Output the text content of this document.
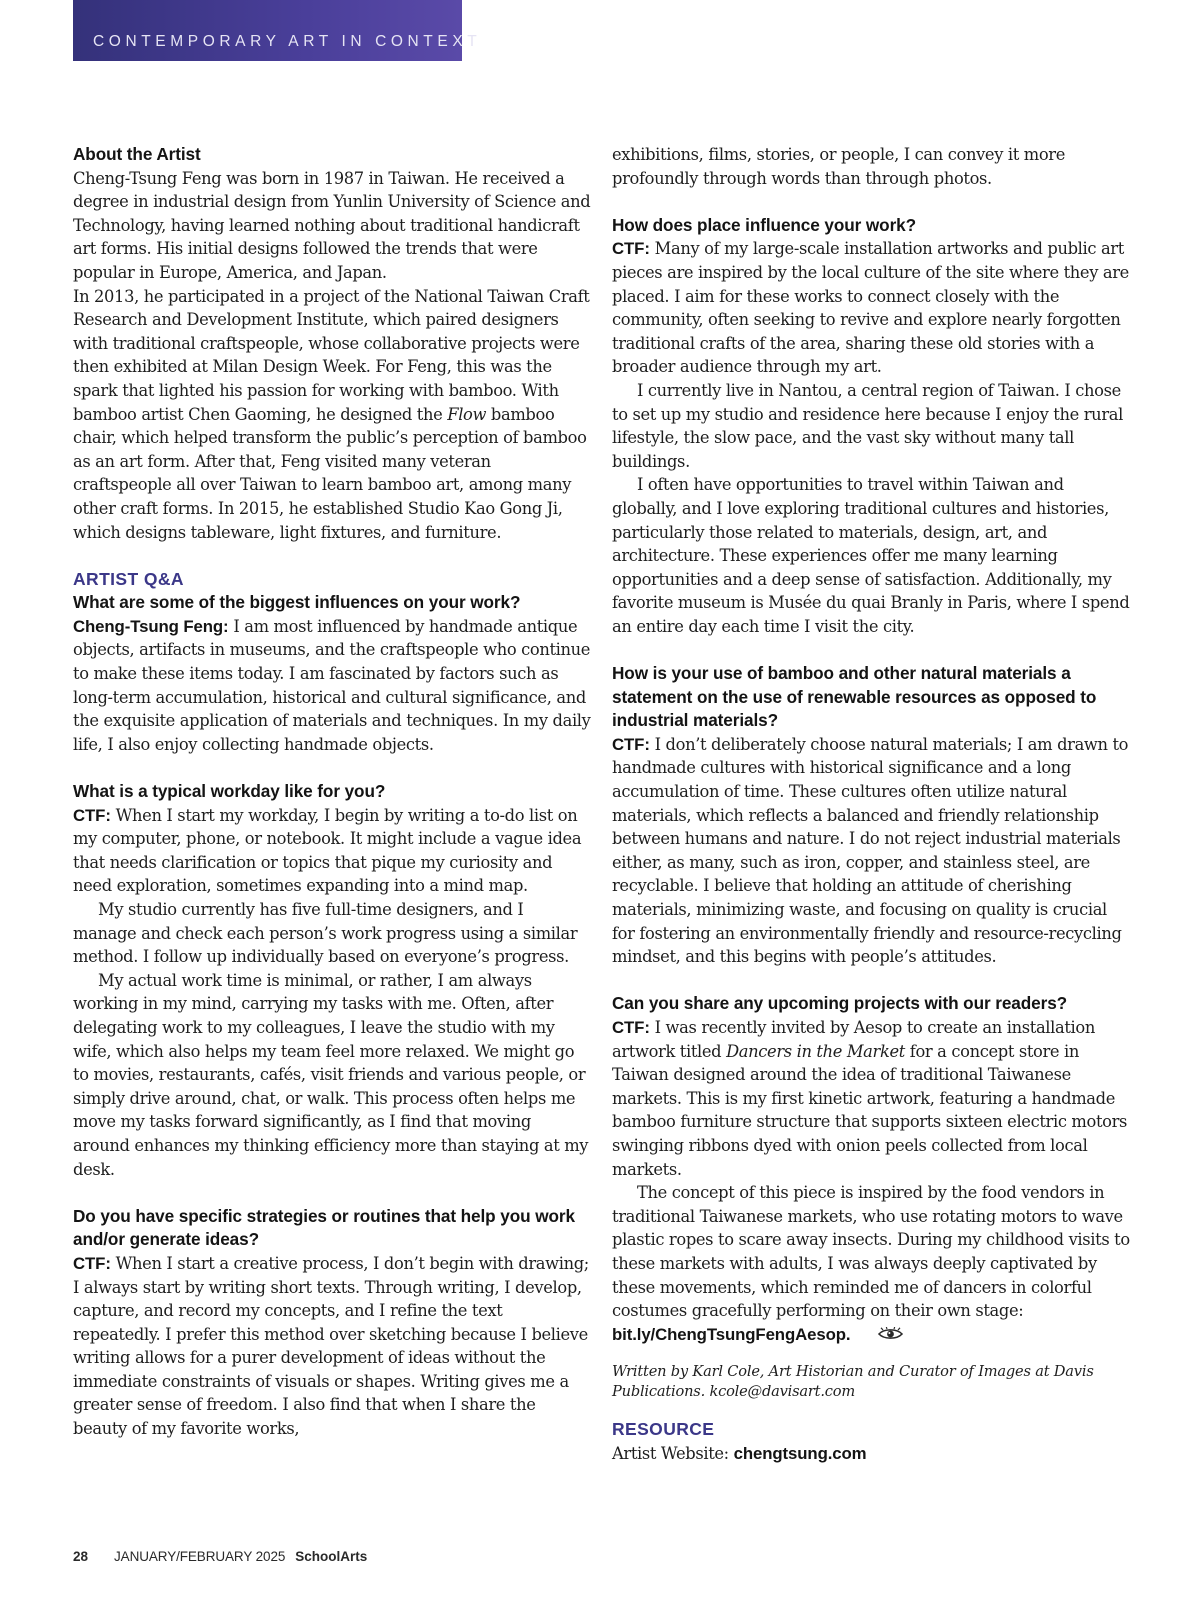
CONTEMPORARY ART IN CONTEXT

About the Artist

Cheng-Tsung Feng was born in 1987 in Taiwan. He received a degree in industrial design from Yunlin University of Science and Technology, having learned nothing about traditional handicraft art forms. His initial designs followed the trends that were popular in Europe, America, and Japan.

In 2013, he participated in a project of the National Taiwan Craft Research and Development Institute, which paired designers with traditional craftspeople, whose collaborative projects were then exhibited at Milan Design Week. For Feng, this was the spark that lighted his passion for working with bamboo. With bamboo artist Chen Gaoming, he designed the Flow bamboo chair, which helped transform the public’s perception of bamboo as an art form. After that, Feng visited many veteran craftspeople all over Taiwan to learn bamboo art, among many other craft forms. In 2015, he established Studio Kao Gong Ji, which designs tableware, light fixtures, and furniture.

ARTIST Q&A

What are some of the biggest influences on your work?

Cheng-Tsung Feng: I am most influenced by handmade antique objects, artifacts in museums, and the craftspeople who continue to make these items today. I am fascinated by factors such as long-term accumulation, historical and cultural significance, and the exquisite application of materials and techniques. In my daily life, I also enjoy collecting handmade objects.

What is a typical workday like for you?

CTF: When I start my workday, I begin by writing a to-do list on my computer, phone, or notebook. It might include a vague idea that needs clarification or topics that pique my curiosity and need exploration, sometimes expanding into a mind map.

My studio currently has five full-time designers, and I manage and check each person’s work progress using a similar method. I follow up individually based on everyone’s progress.

My actual work time is minimal, or rather, I am always working in my mind, carrying my tasks with me. Often, after delegating work to my colleagues, I leave the studio with my wife, which also helps my team feel more relaxed. We might go to movies, restaurants, cafés, visit friends and various people, or simply drive around, chat, or walk. This process often helps me move my tasks forward significantly, as I find that moving around enhances my thinking efficiency more than staying at my desk.

Do you have specific strategies or routines that help you work and/or generate ideas?

CTF: When I start a creative process, I don’t begin with drawing; I always start by writing short texts. Through writing, I develop, capture, and record my concepts, and I refine the text repeatedly. I prefer this method over sketching because I believe writing allows for a purer development of ideas without the immediate constraints of visuals or shapes. Writing gives me a greater sense of freedom. I also find that when I share the beauty of my favorite works,

exhibitions, films, stories, or people, I can convey it more profoundly through words than through photos.

How does place influence your work?

CTF: Many of my large-scale installation artworks and public art pieces are inspired by the local culture of the site where they are placed. I aim for these works to connect closely with the community, often seeking to revive and explore nearly forgotten traditional crafts of the area, sharing these old stories with a broader audience through my art.

I currently live in Nantou, a central region of Taiwan. I chose to set up my studio and residence here because I enjoy the rural lifestyle, the slow pace, and the vast sky without many tall buildings.

I often have opportunities to travel within Taiwan and globally, and I love exploring traditional cultures and histories, particularly those related to materials, design, art, and architecture. These experiences offer me many learning opportunities and a deep sense of satisfaction. Additionally, my favorite museum is Musée du quai Branly in Paris, where I spend an entire day each time I visit the city.

How is your use of bamboo and other natural materials a statement on the use of renewable resources as opposed to industrial materials?

CTF: I don’t deliberately choose natural materials; I am drawn to handmade cultures with historical significance and a long accumulation of time. These cultures often utilize natural materials, which reflects a balanced and friendly relationship between humans and nature. I do not reject industrial materials either, as many, such as iron, copper, and stainless steel, are recyclable. I believe that holding an attitude of cherishing materials, minimizing waste, and focusing on quality is crucial for fostering an environmentally friendly and resource-recycling mindset, and this begins with people’s attitudes.

Can you share any upcoming projects with our readers?

CTF: I was recently invited by Aesop to create an installation artwork titled Dancers in the Market for a concept store in Taiwan designed around the idea of traditional Taiwanese markets. This is my first kinetic artwork, featuring a handmade bamboo furniture structure that supports sixteen electric motors swinging ribbons dyed with onion peels collected from local markets.

The concept of this piece is inspired by the food vendors in traditional Taiwanese markets, who use rotating motors to wave plastic ropes to scare away insects. During my childhood visits to these markets with adults, I was always deeply captivated by these movements, which reminded me of dancers in colorful costumes gracefully performing on their own stage: bit.ly/ChengTsungFengAesop.

Written by Karl Cole, Art Historian and Curator of Images at Davis Publications. kcole@davisart.com

RESOURCE

Artist Website: chengtsung.com

28 JANUARY/FEBRUARY 2025 SchoolArts
